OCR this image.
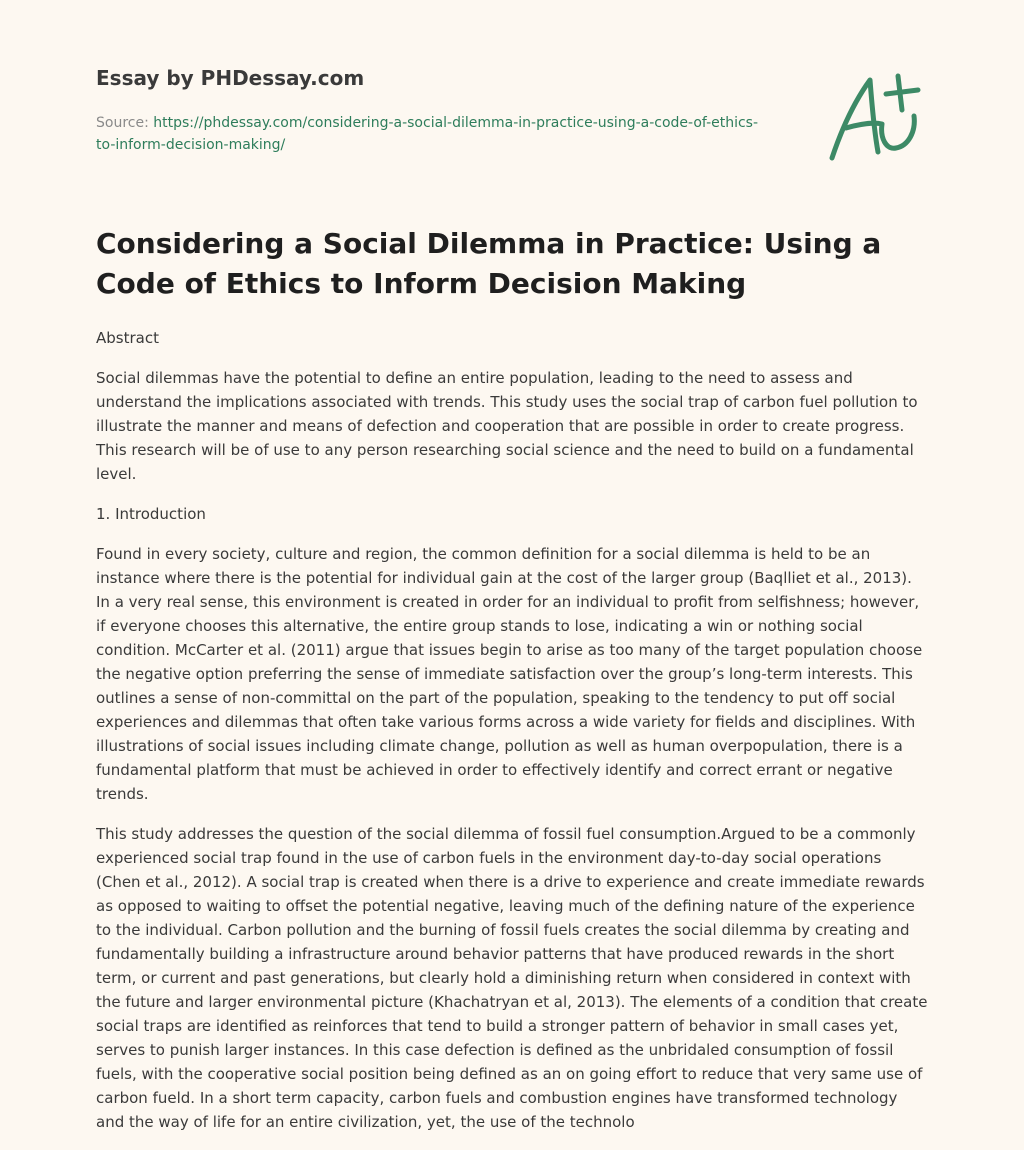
Essay by PHDessay.com
Source: https://phdessay.com/considering-a-social-dilemma-in-practice-using-a-code-of-ethics-to-inform-decision-making/
Considering a Social Dilemma in Practice: Using a Code of Ethics to Inform Decision Making

Abstract

Social dilemmas have the potential to define an entire population, leading to the need to assess and understand the implications associated with trends. This study uses the social trap of carbon fuel pollution to illustrate the manner and means of defection and cooperation that are possible in order to create progress. This research will be of use to any person researching social science and the need to build on a fundamental level.

1. Introduction

Found in every society, culture and region, the common definition for a social dilemma is held to be an instance where there is the potential for individual gain at the cost of the larger group (Baqlliet et al., 2013). In a very real sense, this environment is created in order for an individual to profit from selfishness; however, if everyone chooses this alternative, the entire group stands to lose, indicating a win or nothing social condition. McCarter et al. (2011) argue that issues begin to arise as too many of the target population choose the negative option preferring the sense of immediate satisfaction over the group’s long-term interests. This outlines a sense of non-committal on the part of the population, speaking to the tendency to put off social experiences and dilemmas that often take various forms across a wide variety for fields and disciplines. With illustrations of social issues including climate change, pollution as well as human overpopulation, there is a fundamental platform that must be achieved in order to effectively identify and correct errant or negative trends.

This study addresses the question of the social dilemma of fossil fuel consumption.Argued to be a commonly experienced social trap found in the use of carbon fuels in the environment day-to-day social operations (Chen et al., 2012). A social trap is created when there is a drive to experience and create immediate rewards as opposed to waiting to offset the potential negative, leaving much of the defining nature of the experience to the individual. Carbon pollution and the burning of fossil fuels creates the social dilemma by creating and fundamentally building a infrastructure around behavior patterns that have produced rewards in the short term, or current and past generations, but clearly hold a diminishing return when considered in context with the future and larger environmental picture (Khachatryan et al, 2013). The elements of a condition that create social traps are identified as reinforces that tend to build a stronger pattern of behavior in small cases yet, serves to punish larger instances. In this case defection is defined as the unbridaled consumption of fossil fuels, with the cooperative social position being defined as an on going effort to reduce that very same use of carbon fueld. In a short term capacity, carbon fuels and combustion engines have transformed technology and the way of life for an entire civilization, yet, the use of the technolo
